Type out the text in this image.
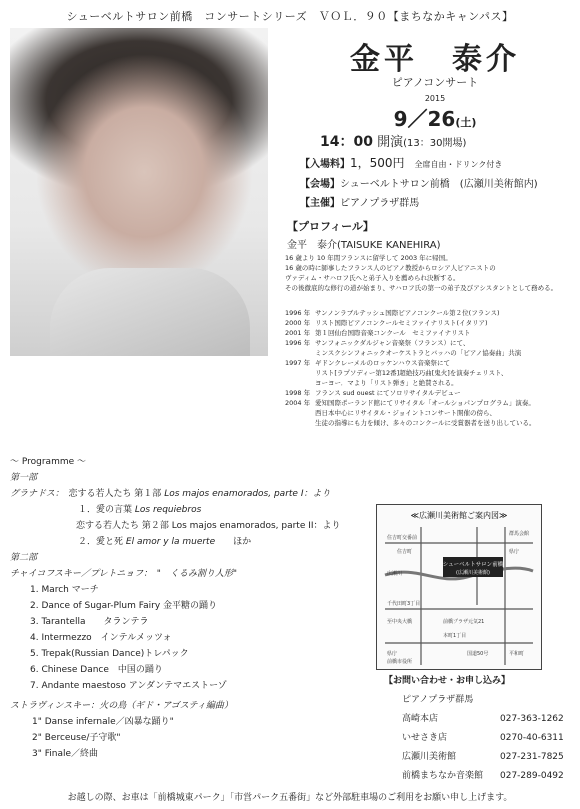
シューベルトサロン前橋　コンサートシリーズ　ＶＯＬ．９０【まちなかキャンパス】
金平　泰介
ピアノコンサート
2015
9／26(土)
14：00 開演(13：30開場)
【入場料】1，500円　 全席自由・ドリンク付き
【会場】シューベルトサロン前橋　(広瀬川美術館内)
【主催】ピアノプラザ群馬
【プロフィール】
金平　泰介(TAISUKE KANEHIRA)
16 歳より 10 年間フランスに留学して 2003 年に帰国。
16 歳の時に師事したフランス人のピアノ教授からロシア人ピアニストの
ヴァディム・サハロフ氏へと弟子入りを薦められ決断する。
その後徹底的な修行の道が始まり、サハロフ氏の第一の弟子及びアシスタントとして務める。
1996 年	サンノンラブルテッシュ国際ピアノコンクール第２位(フランス)
2000 年	リスト国際ピアノコンクールセミファイナリスト(イタリア)
2001 年	第１回仙台国際音楽コンクール　セミファイナリスト
1996 年	サンフォニックダルジャン音楽祭（フランス）にて、
	ミンスクシンフォニックオーケストラとバッハの「ピアノ協奏曲」共演
1997 年	ギドンクレーメルのロッケンハウス音楽祭にて
	リスト[ラプソディー第12番]超絶技巧曲[鬼火]を演奏チェリスト、
	ヨーヨー．マより「リスト弾き」と絶賛される。
1998 年	フランス sud ouest にてソロリサイタルデビュー
2004 年	愛知国際ポーランド館にてリサイタル「オールショパンプログラム」演奏。
	西日本中心にリサイタル・ジョイントコンサート開催の傍ら、
	生徒の指導にも力を傾け、多々のコンクールに受賞器者を送り出している。
～ Programme ～
第一部
グラナドス：　 恋する若人たち 第１部 Los majos enamorados, parte I：より
１．愛の言葉 Los requiebros
恋する若人たち 第２部 Los majos enamorados, parte II：より
２．愛と死 El amor y la muerte　　 ほか
第二部
チャイコフスキー／プレトニョフ：　"　くるみ割り人形"
1. March マーチ
2. Dance of Sugar-Plum Fairy 金平糖の踊り
3. Tarantella　　タランテラ
4. Intermezzo　インテルメッツォ
5. Trepak(Russian Dance)トレパック
6. Chinese Dance　中国の踊り
7. Andante maestoso アンダンテマエストーゾ
ストラヴィンスキー：火の鳥（ギド・アゴスティ編曲）
1" Danse infernale／凶暴な踊り"
2" Berceuse/子守歌"
3" Finale／終曲
≪広瀬川美術館ご案内図≫
シューベルトサロン前橋
(広瀬川美術館)
群馬会館
住吉町交番前
住吉町	県庁
広瀬川
千代田町3丁目
至中央大橋	前橋プラザ元気21
本町1丁目
国道50号
県庁
前橋市役所
平和町
【お問い合わせ・お申し込み】
ピアノプラザ群馬
高崎本店	027-363-1262
いせさき店	0270-40-6311
広瀬川美術館	027-231-7825
前橋まちなか音楽館 027-289-0492
お越しの際、お車は「前橋城東パーク」「市営パーク五番街」など外部駐車場のご利用をお願い申し上げます。
